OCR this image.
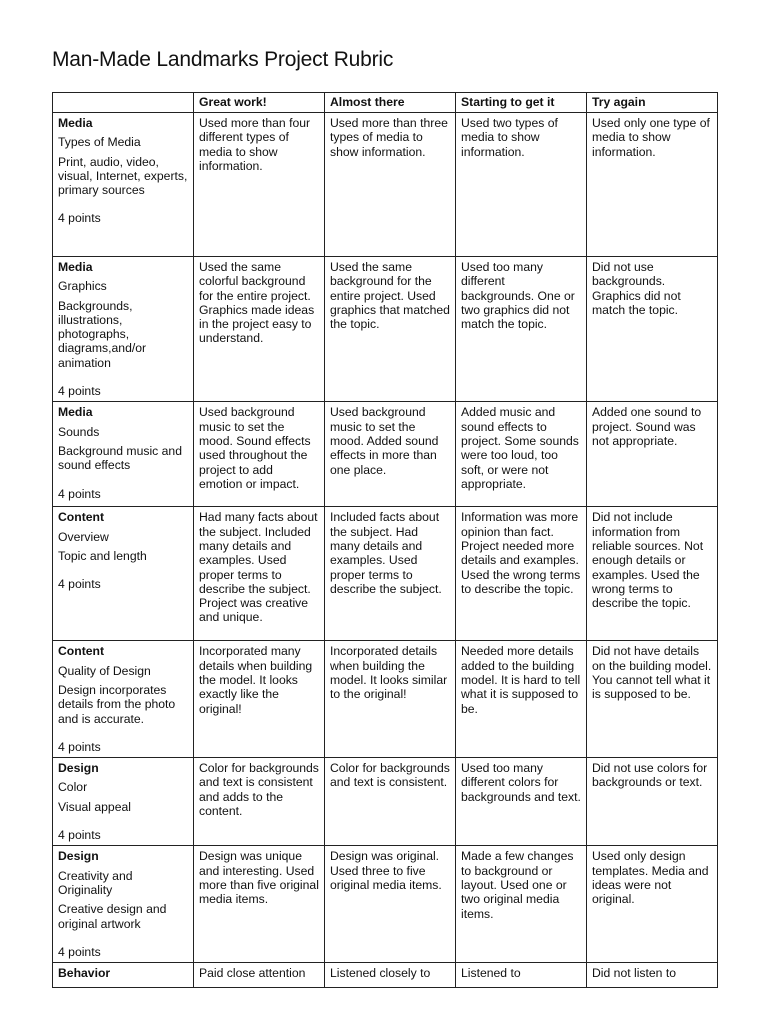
Man-Made Landmarks Project Rubric
	Great work!	Almost there	Starting to get it	Try again

Media
Types of Media
Print, audio, video, visual, Internet, experts, primary sources
4 points	Used more than four different types of media to show information.	Used more than three types of media to show information.	Used two types of media to show information.	Used only one type of media to show information.

Media
Graphics
Backgrounds, illustrations, photographs, diagrams,and/or animation
4 points	Used the same colorful background for the entire project. Graphics made ideas in the project easy to understand.	Used the same background for the entire project. Used graphics that matched the topic.	Used too many different backgrounds. One or two graphics did not match the topic.	Did not use backgrounds. Graphics did not match the topic.

Media
Sounds
Background music and sound effects
4 points	Used background music to set the mood. Sound effects used throughout the project to add emotion or impact.	Used background music to set the mood. Added sound effects in more than one place.	Added music and sound effects to project. Some sounds were too loud, too soft, or were not appropriate.	Added one sound to project. Sound was not appropriate.

Content
Overview
Topic and length
4 points	Had many facts about the subject. Included many details and examples. Used proper terms to describe the subject. Project was creative and unique.	Included facts about the subject. Had many details and examples. Used proper terms to describe the subject.	Information was more opinion than fact. Project needed more details and examples. Used the wrong terms to describe the topic.	Did not include information from reliable sources. Not enough details or examples. Used the wrong terms to describe the topic.

Content
Quality of Design
Design incorporates details from the photo and is accurate.
4 points	Incorporated many details when building the model. It looks exactly like the original!	Incorporated details when building the model. It looks similar to the original!	Needed more details added to the building model. It is hard to tell what it is supposed to be.	Did not have details on the building model. You cannot tell what it is supposed to be.

Design
Color
Visual appeal
4 points	Color for backgrounds and text is consistent and adds to the content.	Color for backgrounds and text is consistent.	Used too many different colors for backgrounds and text.	Did not use colors for backgrounds or text.

Design
Creativity and Originality
Creative design and original artwork
4 points	Design was unique and interesting. Used more than five original media items.	Design was original. Used three to five original media items.	Made a few changes to background or layout. Used one or two original media items.	Used only design templates. Media and ideas were not original.

Behavior	Paid close attention	Listened closely to	Listened to	Did not listen to
